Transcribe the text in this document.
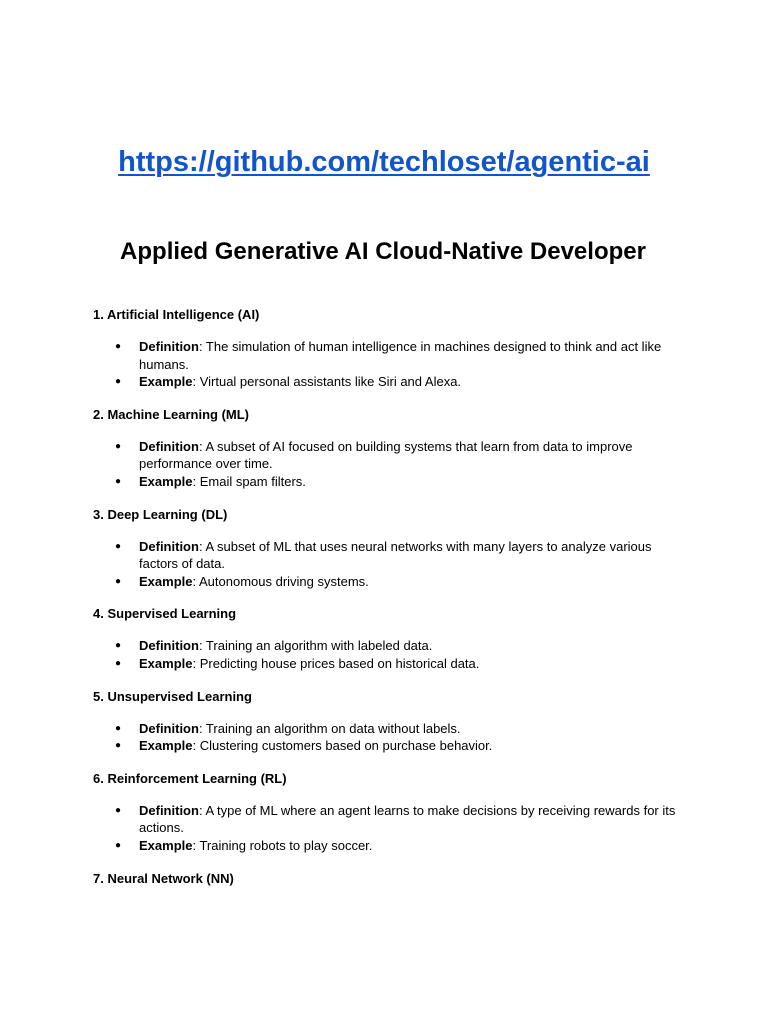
https://github.com/techloset/agentic-ai
Applied Generative AI Cloud-Native Developer

1. Artificial Intelligence (AI)

● Definition: The simulation of human intelligence in machines designed to think and act like humans.
● Example: Virtual personal assistants like Siri and Alexa.

2. Machine Learning (ML)

● Definition: A subset of AI focused on building systems that learn from data to improve performance over time.
● Example: Email spam filters.

3. Deep Learning (DL)

● Definition: A subset of ML that uses neural networks with many layers to analyze various factors of data.
● Example: Autonomous driving systems.

4. Supervised Learning

● Definition: Training an algorithm with labeled data.
● Example: Predicting house prices based on historical data.

5. Unsupervised Learning

● Definition: Training an algorithm on data without labels.
● Example: Clustering customers based on purchase behavior.

6. Reinforcement Learning (RL)

● Definition: A type of ML where an agent learns to make decisions by receiving rewards for its actions.
● Example: Training robots to play soccer.

7. Neural Network (NN)
